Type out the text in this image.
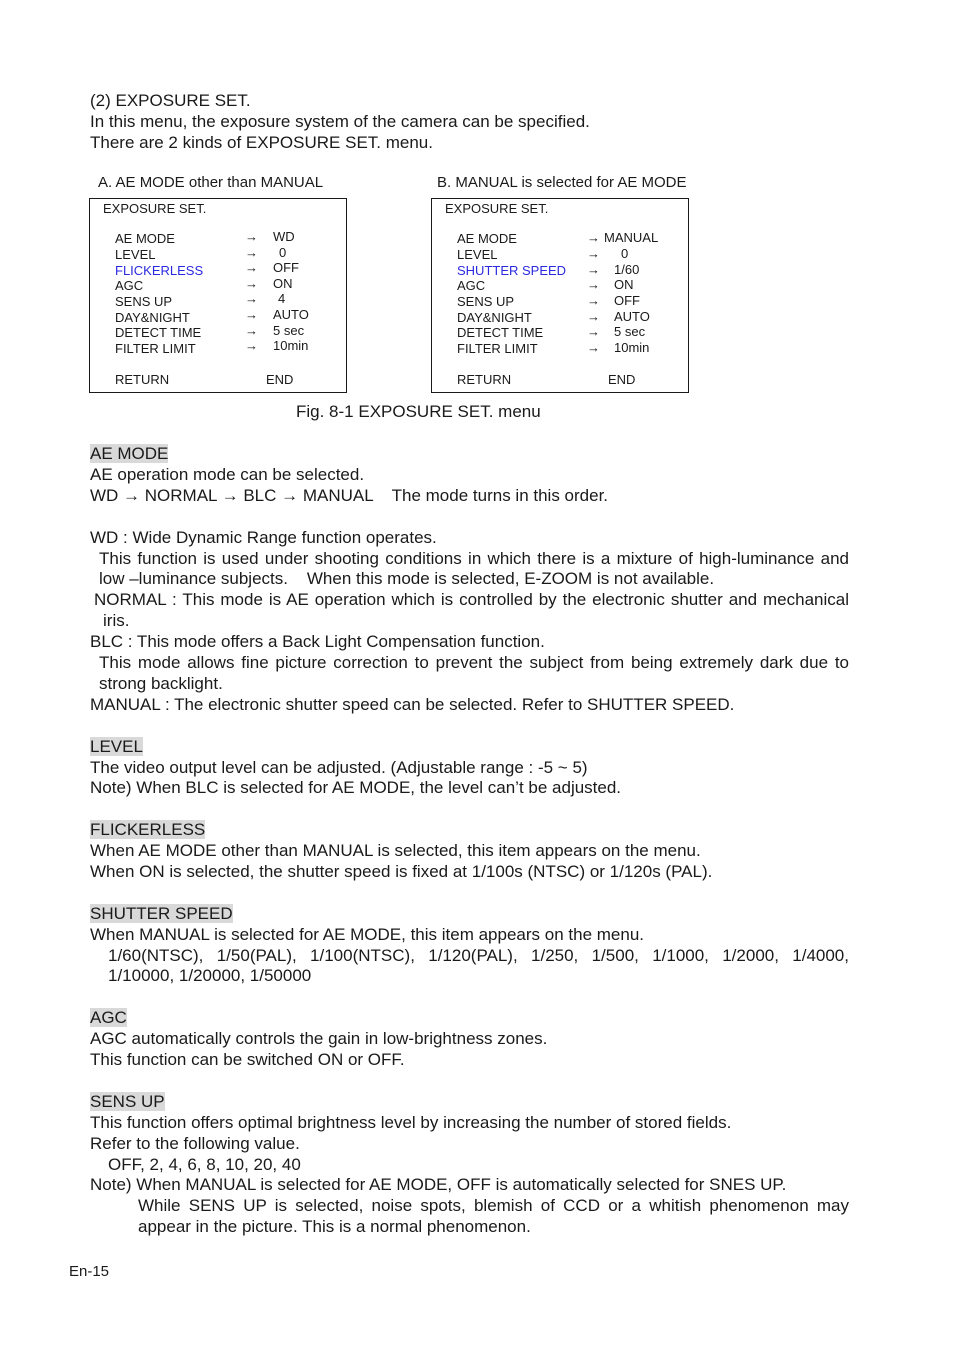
(2) EXPOSURE SET.
In this menu, the exposure system of the camera can be specified.
There are 2 kinds of EXPOSURE SET. menu.
A. AE MODE other than MANUAL
EXPOSURE SET.
AE MODE	→ WD
LEVEL	→ 0
FLICKERLESS	→ OFF
AGC	→ ON
SENS UP	→ 4
DAY&NIGHT	→ AUTO
DETECT TIME	→ 5 sec
FILTER LIMIT	→ 10min
RETURN	END
B. MANUAL is selected for AE MODE
EXPOSURE SET.
AE MODE	→ MANUAL
LEVEL	→ 0
SHUTTER SPEED → 1/60
AGC	→ ON
SENS UP	→ OFF
DAY&NIGHT	→ AUTO
DETECT TIME	→ 5 sec
FILTER LIMIT	→ 10min
RETURN	END
Fig. 8-1 EXPOSURE SET. menu
AE MODE
AE operation mode can be selected.
WD → NORMAL → BLC → MANUAL    The mode turns in this order.
WD : Wide Dynamic Range function operates.
This function is used under shooting conditions in which there is a mixture of high-luminance and
low –luminance subjects.    When this mode is selected, E-ZOOM is not available.
NORMAL : This mode is AE operation which is controlled by the electronic shutter and mechanical
iris.
BLC : This mode offers a Back Light Compensation function.
This mode allows fine picture correction to prevent the subject from being extremely dark due to
strong backlight.
MANUAL : The electronic shutter speed can be selected. Refer to SHUTTER SPEED.
LEVEL
The video output level can be adjusted. (Adjustable range : -5 ~ 5)
Note) When BLC is selected for AE MODE, the level can’t be adjusted.
FLICKERLESS
When AE MODE other than MANUAL is selected, this item appears on the menu.
When ON is selected, the shutter speed is fixed at 1/100s (NTSC) or 1/120s (PAL).
SHUTTER SPEED
When MANUAL is selected for AE MODE, this item appears on the menu.
1/60(NTSC), 1/50(PAL), 1/100(NTSC), 1/120(PAL), 1/250, 1/500, 1/1000, 1/2000, 1/4000,
1/10000, 1/20000, 1/50000
AGC
AGC automatically controls the gain in low-brightness zones.
This function can be switched ON or OFF.
SENS UP
This function offers optimal brightness level by increasing the number of stored fields.
Refer to the following value.
OFF, 2, 4, 6, 8, 10, 20, 40
Note) When MANUAL is selected for AE MODE, OFF is automatically selected for SNES UP.
While SENS UP is selected, noise spots, blemish of CCD or a whitish phenomenon may
appear in the picture. This is a normal phenomenon.
En-15
